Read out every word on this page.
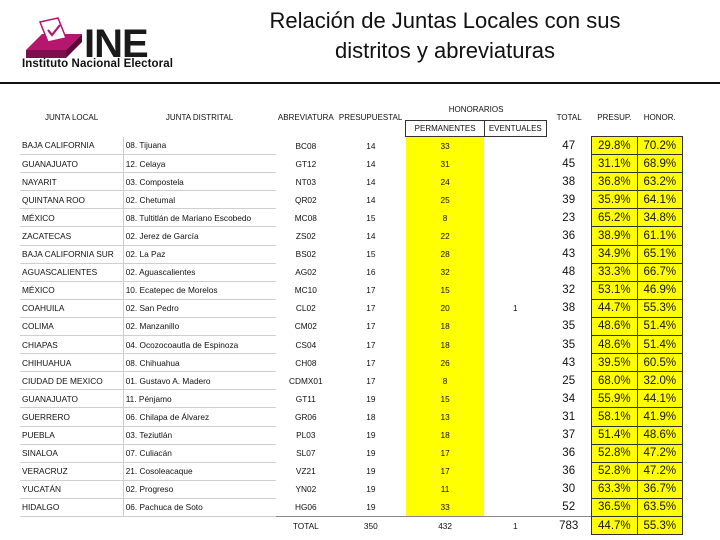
INE
Instituto Nacional Electoral
Relación de Juntas Locales con sus
distritos y abreviaturas
JUNTA LOCAL	JUNTA DISTRITAL	ABREVIATURA	PRESUPUESTAL	HONORARIOS		TOTAL	PRESUP.	HONOR.
				PERMANENTES	EVENTUALES			
BAJA CALIFORNIA	08. Tijuana	BC08	14	33		47	29.8%	70.2%
GUANAJUATO	12. Celaya	GT12	14	31		45	31.1%	68.9%
NAYARIT	03. Compostela	NT03	14	24		38	36.8%	63.2%
QUINTANA ROO	02. Chetumal	QR02	14	25		39	35.9%	64.1%
MÉXICO	08. Tultitlán de Mariano Escobedo	MC08	15	8		23	65.2%	34.8%
ZACATECAS	02. Jerez de García	ZS02	14	22		36	38.9%	61.1%
BAJA CALIFORNIA SUR	02. La Paz	BS02	15	28		43	34.9%	65.1%
AGUASCALIENTES	02. Aguascalientes	AG02	16	32		48	33.3%	66.7%
MÉXICO	10. Ecatepec de Morelos	MC10	17	15		32	53.1%	46.9%
COAHUILA	02. San Pedro	CL02	17	20	1	38	44.7%	55.3%
COLIMA	02. Manzanillo	CM02	17	18		35	48.6%	51.4%
CHIAPAS	04. Ocozocoautla de Espinoza	CS04	17	18		35	48.6%	51.4%
CHIHUAHUA	08. Chihuahua	CH08	17	26		43	39.5%	60.5%
CIUDAD DE MEXICO	01. Gustavo A. Madero	CDMX01	17	8		25	68.0%	32.0%
GUANAJUATO	11. Pénjamo	GT11	19	15		34	55.9%	44.1%
GUERRERO	06. Chilapa de Álvarez	GR06	18	13		31	58.1%	41.9%
PUEBLA	03. Teziutlán	PL03	19	18		37	51.4%	48.6%
SINALOA	07. Culiacán	SL07	19	17		36	52.8%	47.2%
VERACRUZ	21. Cosoleacaque	VZ21	19	17		36	52.8%	47.2%
YUCATÁN	02. Progreso	YN02	19	11		30	63.3%	36.7%
HIDALGO	06. Pachuca de Soto	HG06	19	33		52	36.5%	63.5%
		TOTAL	350	432	1	783	44.7%	55.3%
